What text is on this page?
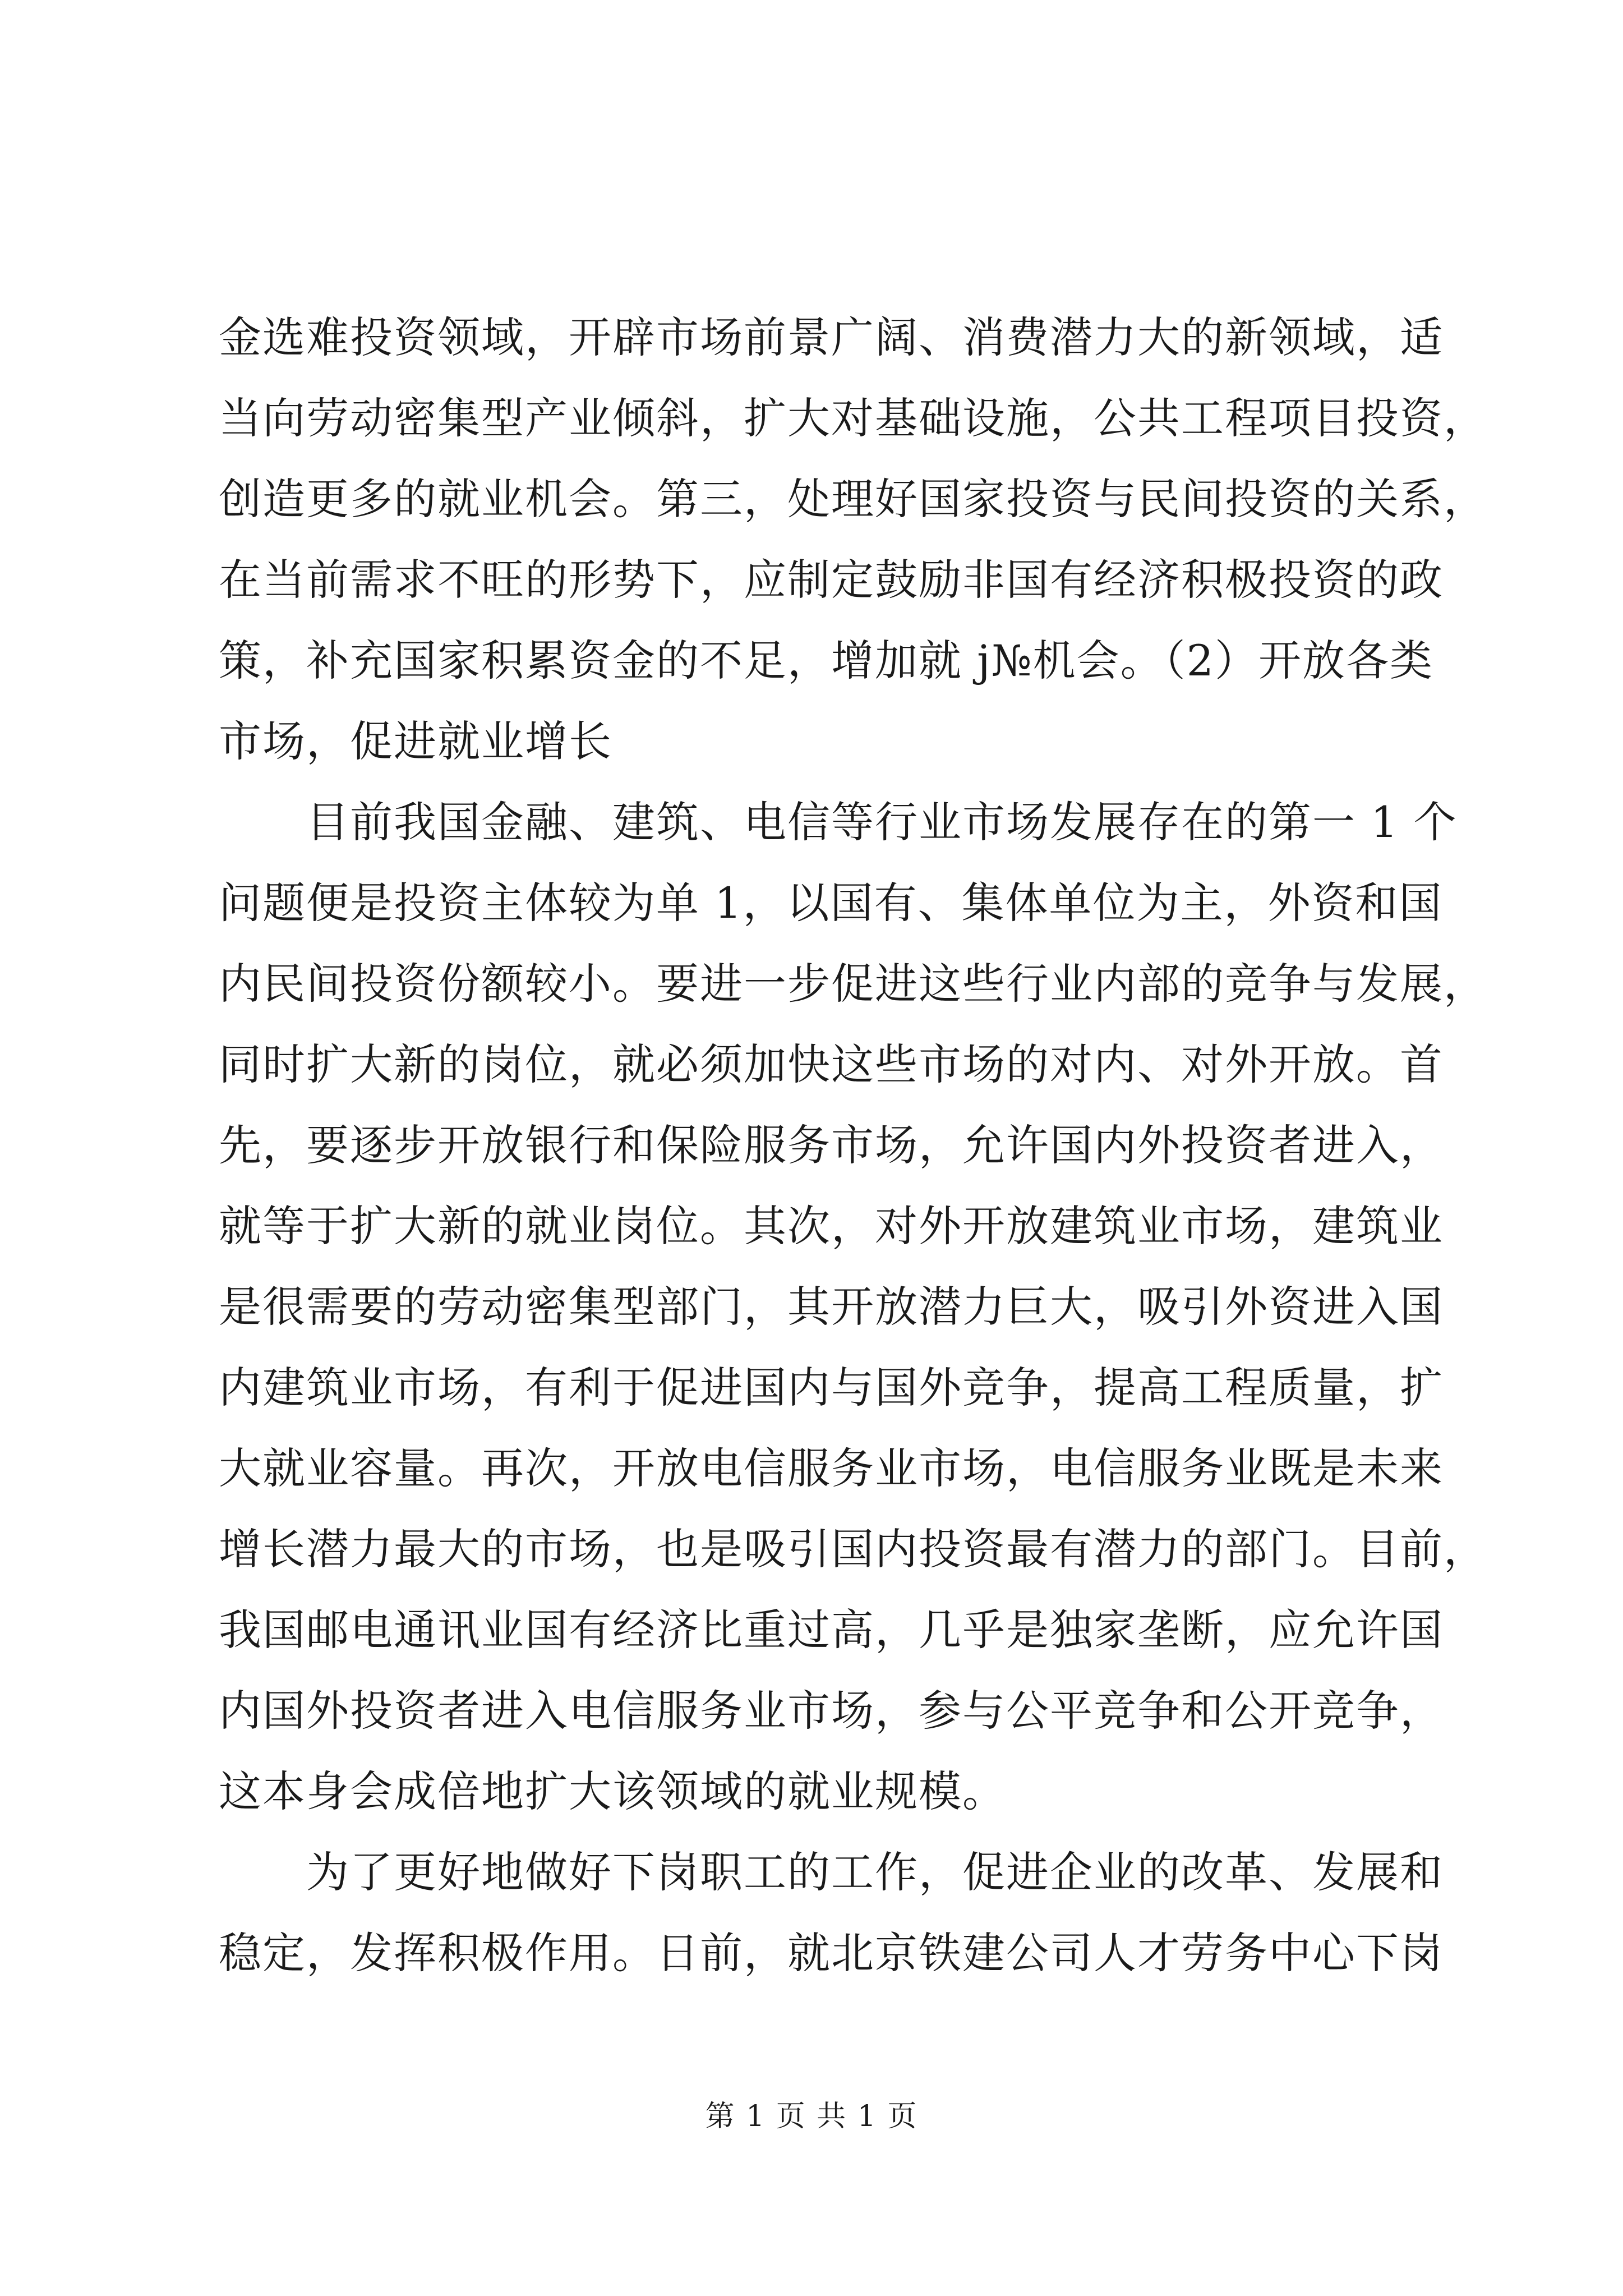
金选难投资领域，开辟市场前景广阔、消费潜力大的新领域，适
当向劳动密集型产业倾斜，扩大对基础设施，公共工程项目投资，
创造更多的就业机会。第三，处理好国家投资与民间投资的关系，
在当前需求不旺的形势下，应制定鼓励非国有经济积极投资的政
策，补充国家积累资金的不足，增加就 j№机会。（2）开放各类
市场，促进就业增长
目前我国金融、建筑、电信等行业市场发展存在的第一 1 个
问题便是投资主体较为单 1，以国有、集体单位为主，外资和国
内民间投资份额较小。要进一步促进这些行业内部的竞争与发展，
同时扩大新的岗位，就必须加快这些市场的对内、对外开放。首
先，要逐步开放银行和保险服务市场，允许国内外投资者进入，
就等于扩大新的就业岗位。其次，对外开放建筑业市场，建筑业
是很需要的劳动密集型部门，其开放潜力巨大，吸引外资进入国
内建筑业市场，有利于促进国内与国外竞争，提高工程质量，扩
大就业容量。再次，开放电信服务业市场，电信服务业既是未来
增长潜力最大的市场，也是吸引国内投资最有潜力的部门。目前，
我国邮电通讯业国有经济比重过高，几乎是独家垄断，应允许国
内国外投资者进入电信服务业市场，参与公平竞争和公开竞争，
这本身会成倍地扩大该领域的就业规模。
为了更好地做好下岗职工的工作，促进企业的改革、发展和
稳定，发挥积极作用。日前，就北京铁建公司人才劳务中心下岗
第 1 页 共 1 页
